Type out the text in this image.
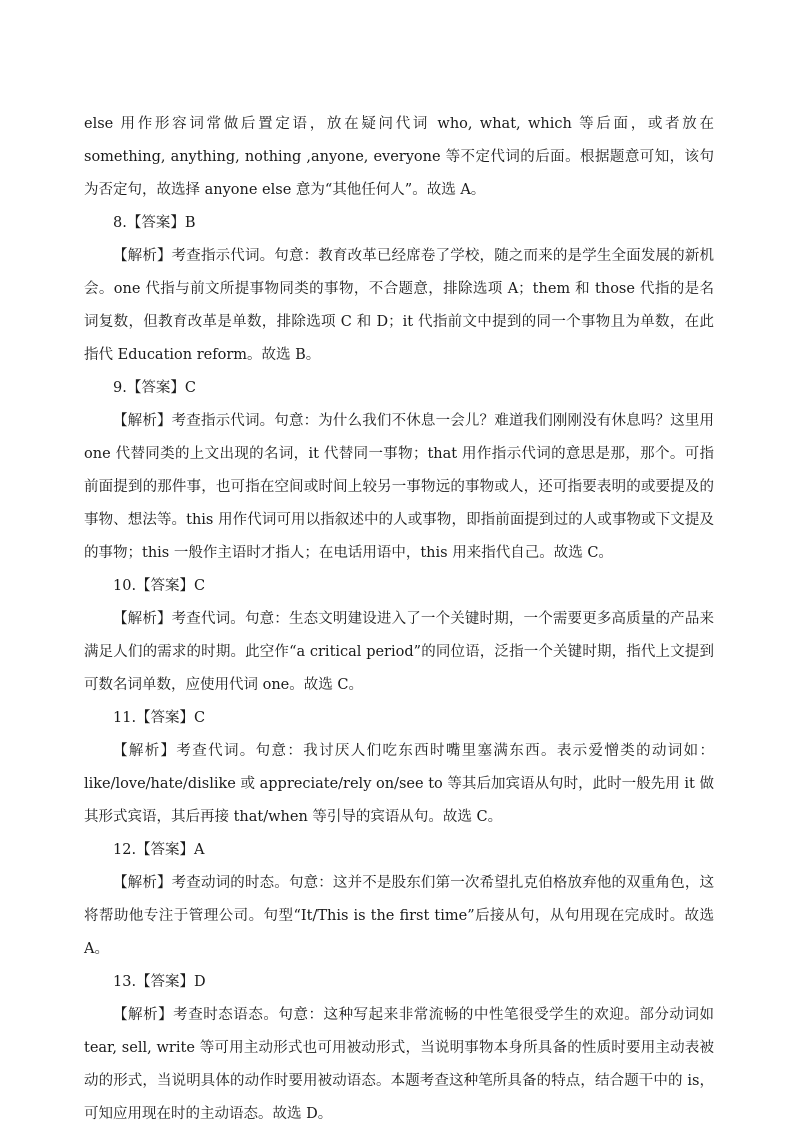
else 用作形容词常做后置定语，放在疑问代词 who, what, which 等后面，或者放在 something, anything, nothing ,anyone, everyone 等不定代词的后面。根据题意可知，该句为否定句，故选择 anyone else 意为“其他任何人”。故选 A。

8.【答案】B

【解析】考查指示代词。句意：教育改革已经席卷了学校，随之而来的是学生全面发展的新机会。one 代指与前文所提事物同类的事物，不合题意，排除选项 A；them 和 those 代指的是名词复数，但教育改革是单数，排除选项 C 和 D；it 代指前文中提到的同一个事物且为单数，在此指代 Education reform。故选 B。

9.【答案】C

【解析】考查指示代词。句意：为什么我们不休息一会儿？难道我们刚刚没有休息吗？这里用 one 代替同类的上文出现的名词，it 代替同一事物；that 用作指示代词的意思是那，那个。可指前面提到的那件事，也可指在空间或时间上较另一事物远的事物或人，还可指要表明的或要提及的事物、想法等。this 用作代词可用以指叙述中的人或事物，即指前面提到过的人或事物或下文提及的事物；this 一般作主语时才指人；在电话用语中，this 用来指代自己。故选 C。

10.【答案】C

【解析】考查代词。句意：生态文明建设进入了一个关键时期，一个需要更多高质量的产品来满足人们的需求的时期。此空作“a critical period”的同位语，泛指一个关键时期，指代上文提到可数名词单数，应使用代词 one。故选 C。

11.【答案】C

【解析】考查代词。句意：我讨厌人们吃东西时嘴里塞满东西。表示爱憎类的动词如：like/love/hate/dislike 或 appreciate/rely on/see to 等其后加宾语从句时，此时一般先用 it 做其形式宾语，其后再接 that/when 等引导的宾语从句。故选 C。

12.【答案】A

【解析】考查动词的时态。句意：这并不是股东们第一次希望扎克伯格放弃他的双重角色，这将帮助他专注于管理公司。句型“It/This is the first time”后接从句，从句用现在完成时。故选 A。

13.【答案】D

【解析】考查时态语态。句意：这种写起来非常流畅的中性笔很受学生的欢迎。部分动词如 tear, sell, write 等可用主动形式也可用被动形式，当说明事物本身所具备的性质时要用主动表被动的形式，当说明具体的动作时要用被动语态。本题考查这种笔所具备的特点，结合题干中的 is，可知应用现在时的主动语态。故选 D。
